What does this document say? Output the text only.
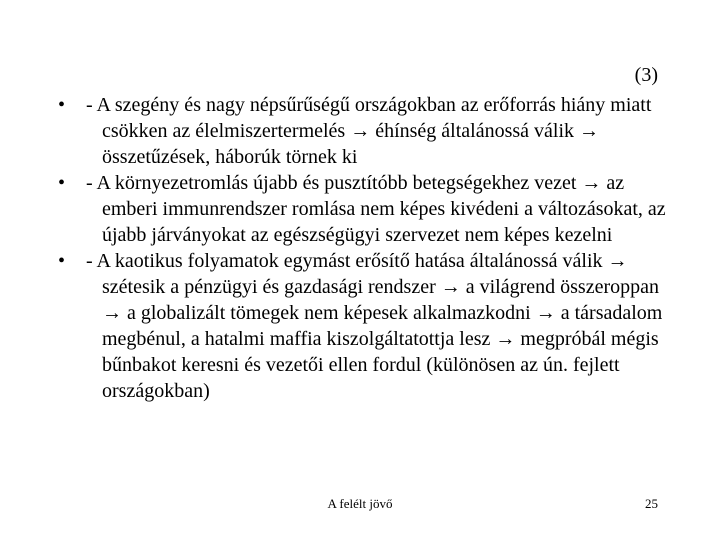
(3)
• - A szegény és nagy népsűrűségű országokban az erőforrás hiány miatt csökken az élelmiszertermelés → éhínség általánossá válik → összetűzések, háborúk törnek ki
• - A környezetromlás újabb és pusztítóbb betegségekhez vezet → az emberi immunrendszer romlása nem képes kivédeni a változásokat, az újabb járványokat az egészségügyi szervezet nem képes kezelni
• - A kaotikus folyamatok egymást erősítő hatása általánossá válik → szétesik a pénzügyi és gazdasági rendszer → a világrend összeroppan → a globalizált tömegek nem képesek alkalmazkodni → a társadalom megbénul, a hatalmi maffia kiszolgáltatottja lesz → megpróbál mégis bűnbakot keresni és vezetői ellen fordul (különösen az ún. fejlett országokban)
A felélt jövő	25
